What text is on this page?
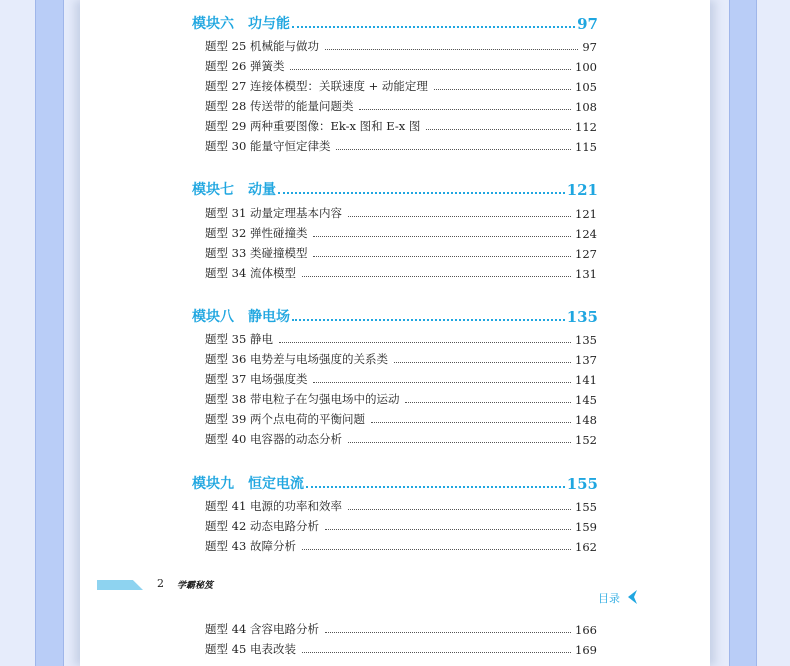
模块六　功与能	97
题型 25 机械能与做功	97
题型 26 弹簧类	100
题型 27 连接体模型：关联速度 + 动能定理	105
题型 28 传送带的能量问题类	108
题型 29 两种重要图像：Ek-x 图和 E-x 图	112
题型 30 能量守恒定律类	115
模块七　动量	121
题型 31 动量定理基本内容	121
题型 32 弹性碰撞类	124
题型 33 类碰撞模型	127
题型 34 流体模型	131
模块八　静电场	135
题型 35 静电	135
题型 36 电势差与电场强度的关系类	137
题型 37 电场强度类	141
题型 38 带电粒子在匀强电场中的运动	145
题型 39 两个点电荷的平衡问题	148
题型 40 电容器的动态分析	152
模块九　恒定电流	155
题型 41 电源的功率和效率	155
题型 42 动态电路分析	159
题型 43 故障分析	162
2 学霸秘笈
目录
题型 44 含容电路分析	166
题型 45 电表改装	169
